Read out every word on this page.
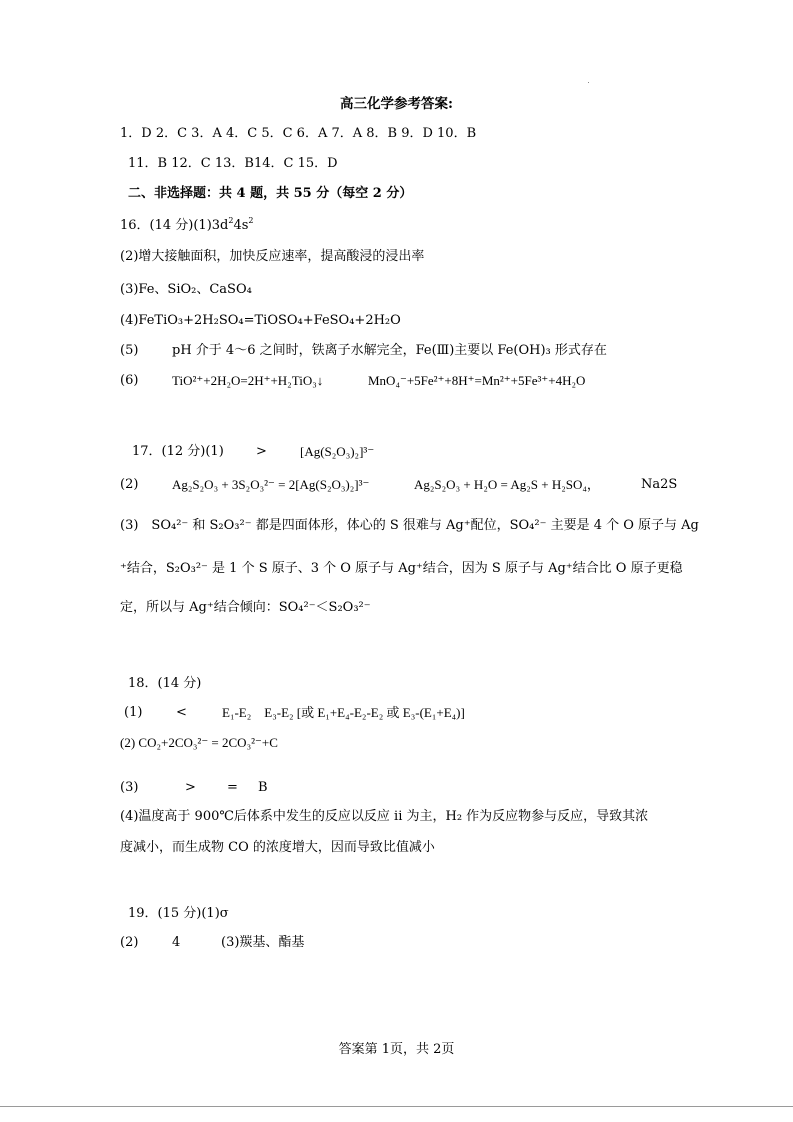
高三化学参考答案:
1．D 2．C 3．A 4．C 5．C 6．A 7．A 8．B 9．D 10．B
11．B 12．C 13．B14．C 15．D
二、非选择题：共 4 题，共 55 分（每空 2 分）
16．(14 分)$(1)3d^24s^2$
(2)增大接触面积，加快反应速率，提高酸浸的浸出率
(3)Fe、SiO₂、CaSO₄
(4)FeTiO₃+2H₂SO₄=TiOSO₄+FeSO₄+2H₂O
(5)	pH 介于 4～6 之间时，铁离子水解完全，Fe(Ⅲ)主要以 Fe(OH)₃ 形式存在
(6)	TiO²⁺+2H₂O=2H⁺+H₂TiO₃↓	MnO₄⁻+5Fe²⁺+8H⁺=Mn²⁺+5Fe³⁺+4H₂O
17．(12 分)(1) >	[Ag(S₂O₃)₂]³⁻
(2)	Ag₂S₂O₃ + 3S₂O₃²⁻ = 2[Ag(S₂O₃)₂]³⁻	Ag₂S₂O₃ + H₂O = Ag₂S + H₂SO₄，	Na2S
(3)　SO₄²⁻ 和 S₂O₃²⁻ 都是四面体形，体心的 S 很难与 Ag⁺配位，SO₄²⁻ 主要是 4 个 O 原子与 Ag
⁺结合，S₂O₃²⁻ 是 1 个 S 原子、3 个 O 原子与 Ag⁺结合，因为 S 原子与 Ag⁺结合比 O 原子更稳
定，所以与 Ag⁺结合倾向：SO₄²⁻＜S₂O₃²⁻
18．(14 分)
(1)	<	E₁-E₂　E₃-E₂ [或 E₁+E₄-E₂-E₂ 或 E₃-(E₁+E₄)]
(2) CO₂+2CO₃²⁻ = 2CO₃²⁻+C
(3)	> = B
(4)温度高于 900℃后体系中发生的反应以反应 ii 为主，H₂ 作为反应物参与反应，导致其浓
度减小，而生成物 CO 的浓度增大，因而导致比值减小
19．(15 分)(1)σ
(2)	4	(3)羰基、酯基
答案第 1页，共 2页
